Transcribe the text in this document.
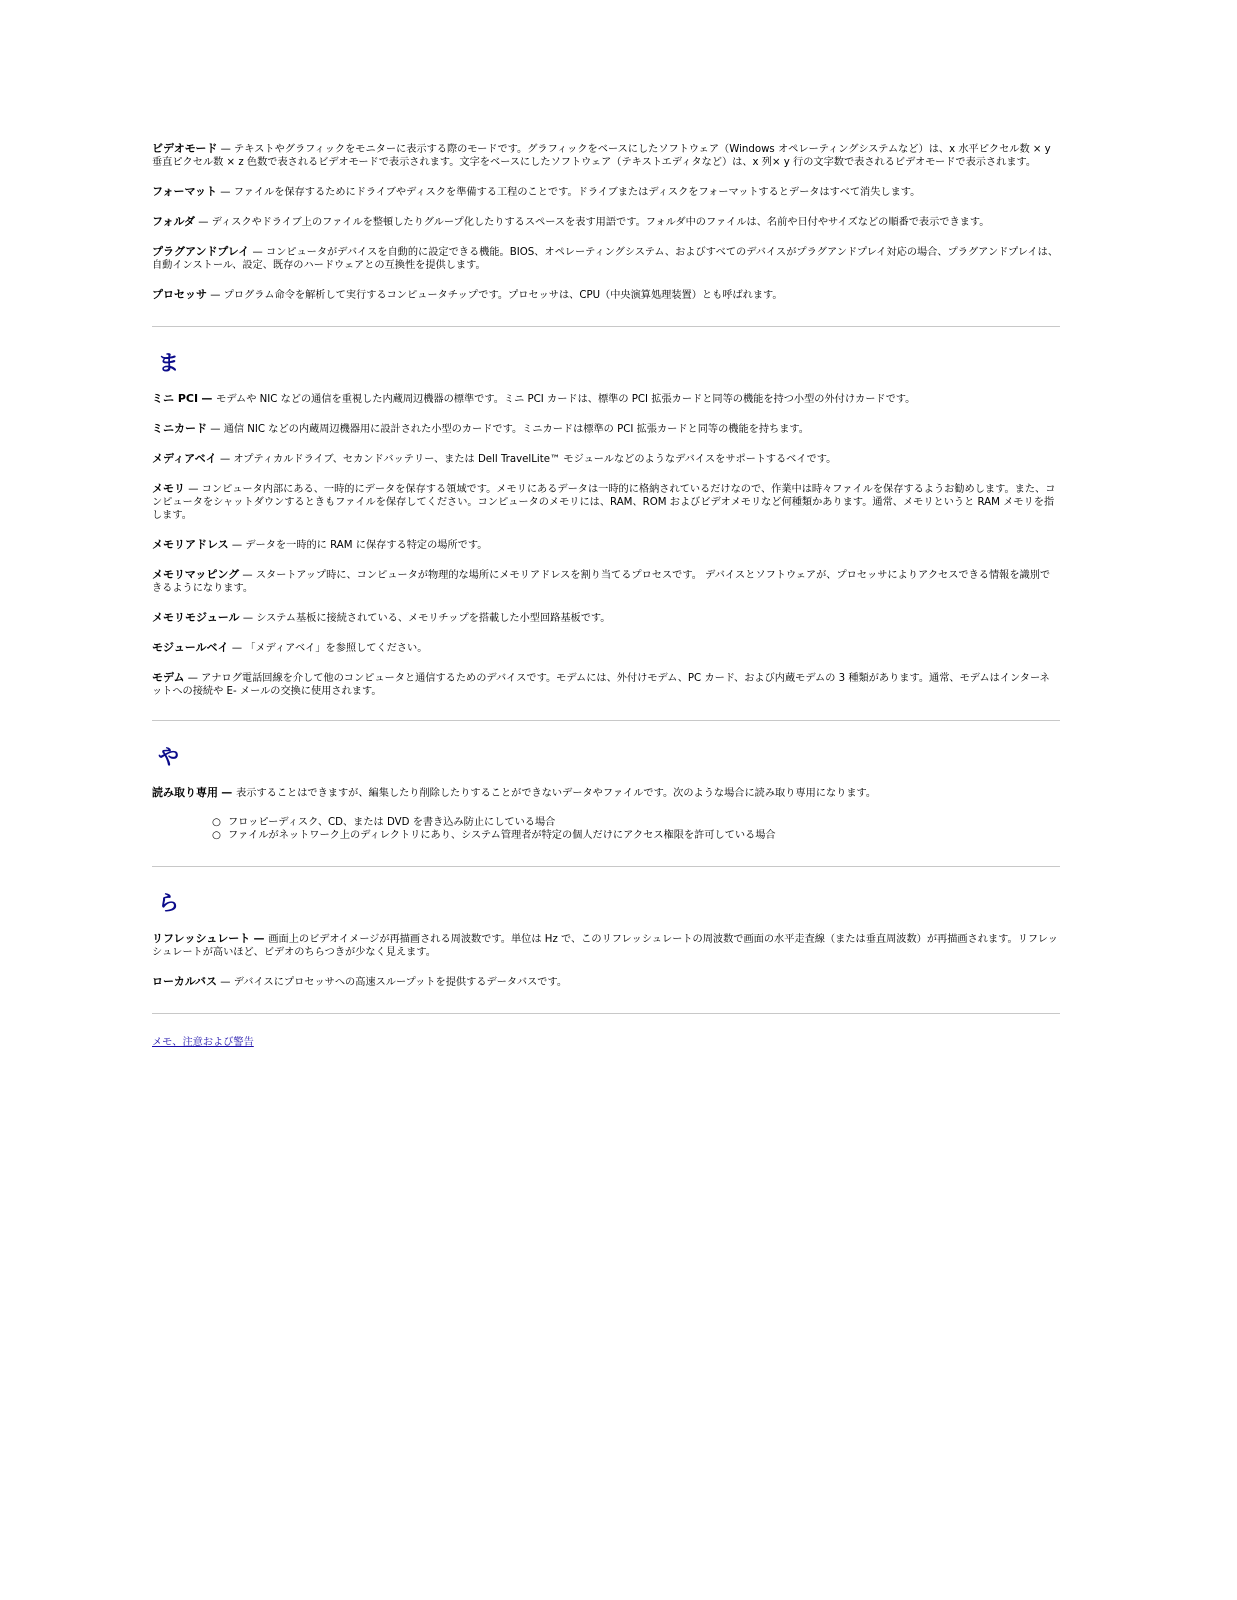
ビデオモード — テキストやグラフィックをモニターに表示する際のモードです。グラフィックをベースにしたソフトウェア（Windows オペレーティングシステムなど）は、x 水平ピクセル数 × y 垂直ピクセル数 × z 色数で表されるビデオモードで表示されます。文字をベースにしたソフトウェア（テキストエディタなど）は、x 列× y 行の文字数で表されるビデオモードで表示されます。
フォーマット — ファイルを保存するためにドライブやディスクを準備する工程のことです。ドライブまたはディスクをフォーマットするとデータはすべて消失します。
フォルダ — ディスクやドライブ上のファイルを整頓したりグループ化したりするスペースを表す用語です。フォルダ中のファイルは、名前や日付やサイズなどの順番で表示できます。
プラグアンドプレイ — コンピュータがデバイスを自動的に設定できる機能。BIOS、オペレーティングシステム、およびすべてのデバイスがプラグアンドプレイ対応の場合、プラグアンドプレイは、自動インストール、設定、既存のハードウェアとの互換性を提供します。
プロセッサ — プログラム命令を解析して実行するコンピュータチップです。プロセッサは、CPU（中央演算処理装置）とも呼ばれます。
ま
ミニ PCI — モデムや NIC などの通信を重視した内蔵周辺機器の標準です。ミニ PCI カードは、標準の PCI 拡張カードと同等の機能を持つ小型の外付けカードです。
ミニカード — 通信 NIC などの内蔵周辺機器用に設計された小型のカードです。ミニカードは標準の PCI 拡張カードと同等の機能を持ちます。
メディアベイ — オプティカルドライブ、セカンドバッテリー、または Dell TravelLite™ モジュールなどのようなデバイスをサポートするベイです。
メモリ — コンピュータ内部にある、一時的にデータを保存する領域です。メモリにあるデータは一時的に格納されているだけなので、作業中は時々ファイルを保存するようお勧めします。また、コンピュータをシャットダウンするときもファイルを保存してください。コンピュータのメモリには、RAM、ROM およびビデオメモリなど何種類かあります。通常、メモリというと RAM メモリを指します。
メモリアドレス — データを一時的に RAM に保存する特定の場所です。
メモリマッピング — スタートアップ時に、コンピュータが物理的な場所にメモリアドレスを割り当てるプロセスです。 デバイスとソフトウェアが、プロセッサによりアクセスできる情報を識別できるようになります。
メモリモジュール — システム基板に接続されている、メモリチップを搭載した小型回路基板です。
モジュールベイ — 「メディアベイ」を参照してください。
モデム — アナログ電話回線を介して他のコンピュータと通信するためのデバイスです。モデムには、外付けモデム、PC カード、および内蔵モデムの 3 種類があります。通常、モデムはインターネットへの接続や E- メールの交換に使用されます。
や
読み取り専用 — 表示することはできますが、編集したり削除したりすることができないデータやファイルです。次のような場合に読み取り専用になります。
○ フロッピーディスク、CD、または DVD を書き込み防止にしている場合
○ ファイルがネットワーク上のディレクトリにあり、システム管理者が特定の個人だけにアクセス権限を許可している場合
ら
リフレッシュレート — 画面上のビデオイメージが再描画される周波数です。単位は Hz で、このリフレッシュレートの周波数で画面の水平走査線（または垂直周波数）が再描画されます。リフレッシュレートが高いほど、ビデオのちらつきが少なく見えます。
ローカルバス — デバイスにプロセッサへの高速スループットを提供するデータバスです。
メモ、注意および警告
